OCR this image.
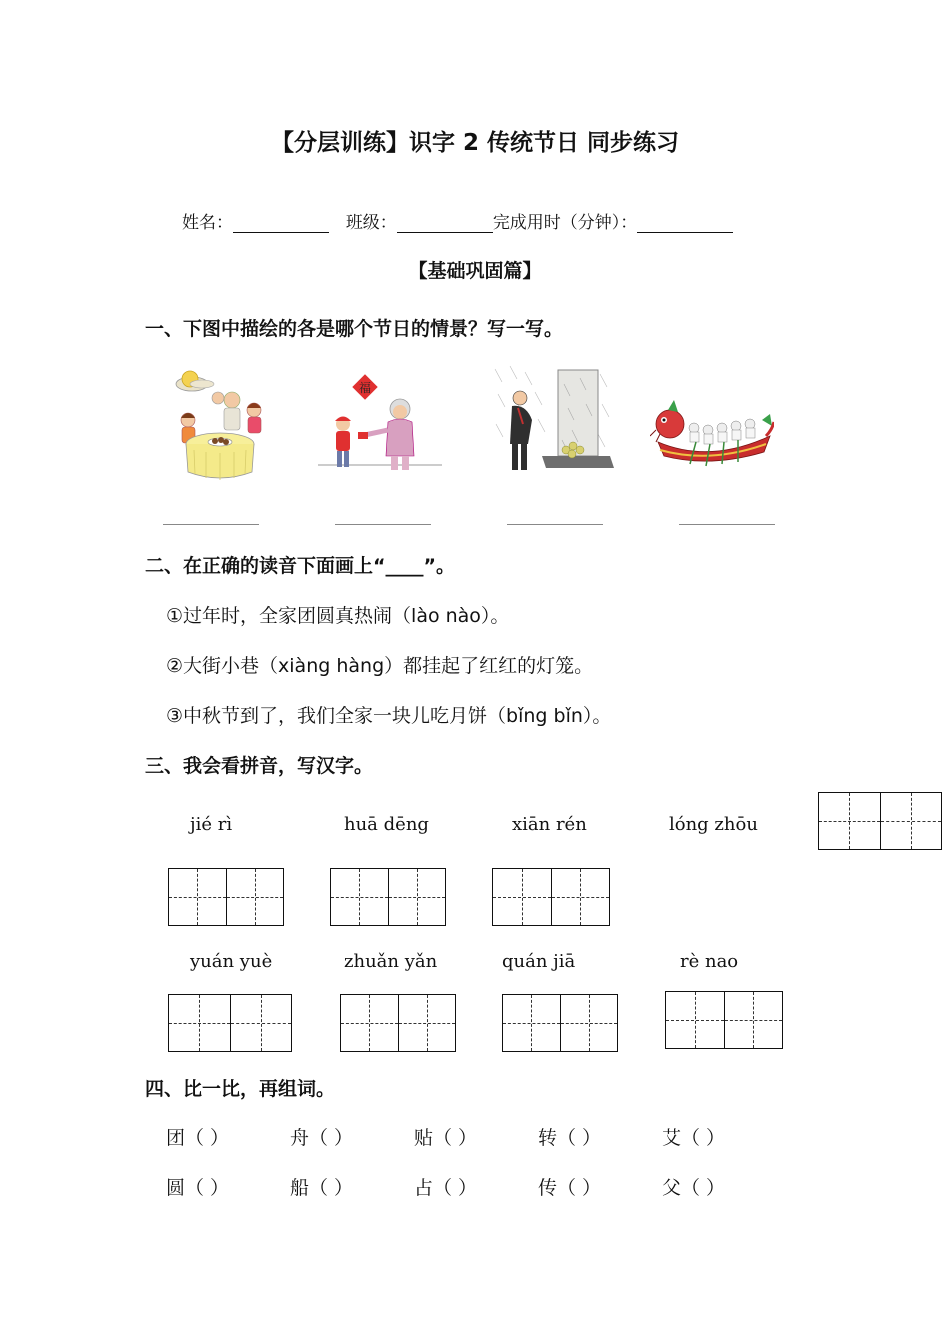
【分层训练】识字 2 传统节日 同步练习
姓名：	班级：	完成用时（分钟）：
【基础巩固篇】
一、下图中描绘的各是哪个节日的情景？写一写。
福
二、在正确的读音下面画上“____”。
①过年时，全家团圆真热闹（lào nào）。
②大街小巷（xiàng hàng）都挂起了红红的灯笼。
③中秋节到了，我们全家一块儿吃月饼（bǐng bǐn）。
三、我会看拼音，写汉字。
jié rì	huā dēng	xiān rén	lóng zhōu
yuán yuè	zhuǎn yǎn	quán jiā	rè nao
四、比一比，再组词。
团（ ）	舟（ ）	贴（ ）	转（ ）	艾（ ）
圆（ ）	船（ ）	占（ ）	传（ ）	父（ ）
